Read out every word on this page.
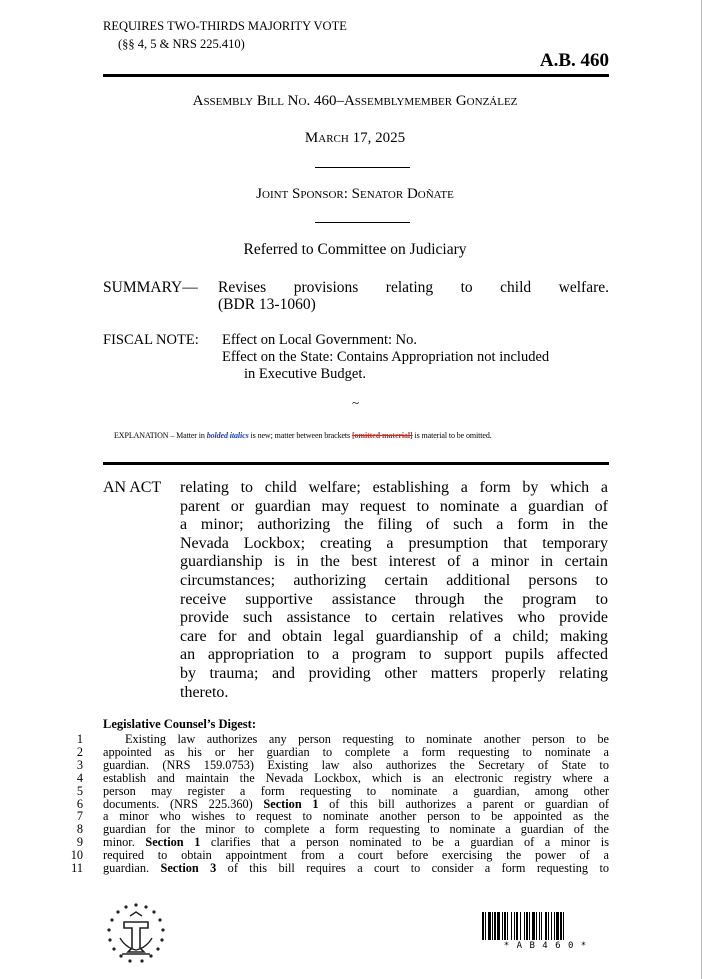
REQUIRES TWO-THIRDS MAJORITY VOTE
(§§ 4, 5 & NRS 225.410)
A.B. 460
Assembly Bill No. 460–Assemblymember González
March 17, 2025
Joint Sponsor: Senator Doñate
Referred to Committee on Judiciary
SUMMARY— Revises provisions relating to child welfare.
(BDR 13-1060)
FISCAL NOTE: Effect on Local Government: No.
Effect on the State: Contains Appropriation not included
in Executive Budget.
~
EXPLANATION – Matter in bolded italics is new; matter between brackets [omitted material] is material to be omitted.
AN ACT relating to child welfare; establishing a form by which a
parent or guardian may request to nominate a guardian of
a minor; authorizing the filing of such a form in the
Nevada Lockbox; creating a presumption that temporary
guardianship is in the best interest of a minor in certain
circumstances; authorizing certain additional persons to
receive supportive assistance through the program to
provide such assistance to certain relatives who provide
care for and obtain legal guardianship of a child; making
an appropriation to a program to support pupils affected
by trauma; and providing other matters properly relating
thereto.
Legislative Counsel’s Digest:
1
2
3
4
5
6
7
8
9
10
11
Existing law authorizes any person requesting to nominate another person to be
appointed as his or her guardian to complete a form requesting to nominate a
guardian. (NRS 159.0753) Existing law also authorizes the Secretary of State to
establish and maintain the Nevada Lockbox, which is an electronic registry where a
person may register a form requesting to nominate a guardian, among other
documents. (NRS 225.360) Section 1 of this bill authorizes a parent or guardian of
a minor who wishes to request to nominate another person to be appointed as the
guardian for the minor to complete a form requesting to nominate a guardian of the
minor. Section 1 clarifies that a person nominated to be a guardian of a minor is
required to obtain appointment from a court before exercising the power of a
guardian. Section 3 of this bill requires a court to consider a form requesting to
* A B 4 6 0 *
